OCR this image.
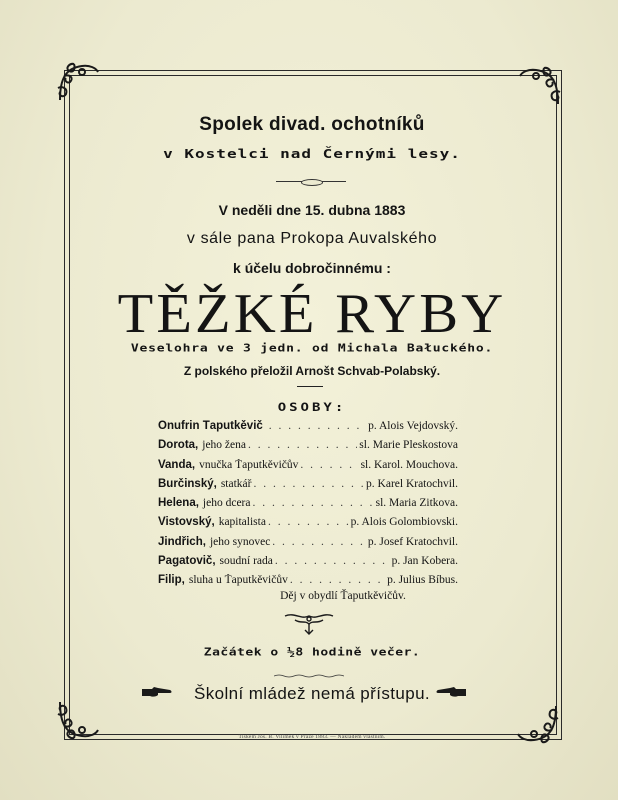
Spolek divad. ochotníků
v Kostelci nad Černými lesy.
V neděli dne 15. dubna 1883
v sále pana Prokopa Auvalského
k účelu dobročinnému :
TĚŽKÉ RYBY
Veselohra ve 3 jedn. od Michala Bałuckého.
Z polského přeložil Arnošt Schvab-Polabský.
OSOBY:
Onufrin Ťaputkěvič . . .	p. Alois Vejdovský.
Dorota, jeho žena . . .	sl. Marie Pleskostova
Vanda, vnučka Ťaputkěvičův . . .	sl. Karol. Mouchova.
Burčinský, statkář . . .	p. Karel Kratochvil.
Helena, jeho dcera . . .	sl. Maria Zitkova.
Vistovský, kapitalista . . .	p. Alois Golombiovski.
Jindřich, jeho synovec . . .	p. Josef Kratochvil.
Pagatovič, soudní rada . . .	p. Jan Kobera.
Filip, sluha u Ťaputkěvičův . . .	p. Julius Bíbus.
Děj v obydlí Ťaputkěvičův.
Začátek o ½8 hodině večer.
Školní mládež nemá přístupu.
Tiskem Jos. B. Vilímek v Praze 1883. — Nákladem vlastním.
